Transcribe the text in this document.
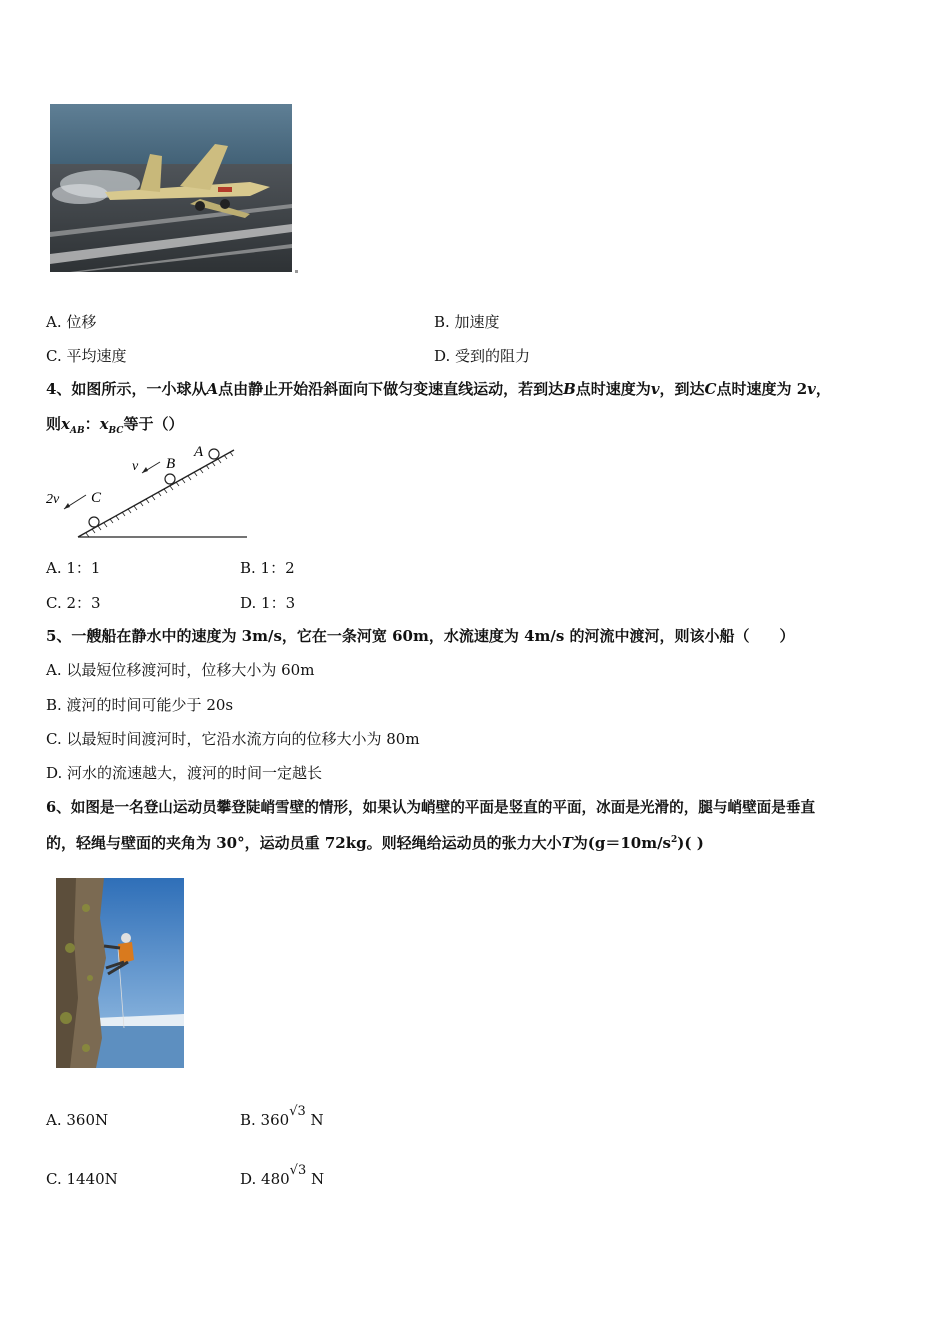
A. 位移	B. 加速度
C. 平均速度	D. 受到的阻力
4、如图所示，一小球从A点由静止开始沿斜面向下做匀变速直线运动，若到达B点时速度为v，到达C点时速度为 2v，
则$x_{AB}$：$x_{BC}$等于（）
v B
A
2v C
A. 1：1	B. 1：2
C. 2：3	D. 1：3
5、一艘船在静水中的速度为 3m/s，它在一条河宽 60m，水流速度为 4m/s 的河流中渡河，则该小船（　　）
A. 以最短位移渡河时，位移大小为 60m
B. 渡河的时间可能少于 20s
C. 以最短时间渡河时，它沿水流方向的位移大小为 80m
D. 河水的流速越大，渡河的时间一定越长
6、如图是一名登山运动员攀登陡峭雪壁的情形，如果认为峭壁的平面是竖直的平面，冰面是光滑的，腿与峭壁面是垂直
的，轻绳与壁面的夹角为 30°，运动员重 72kg。则轻绳给运动员的张力大小T为$(g=10m/s^2)$( )
A. 360N	B. 360√3 N
C. 1440N	D. 480√3 N
